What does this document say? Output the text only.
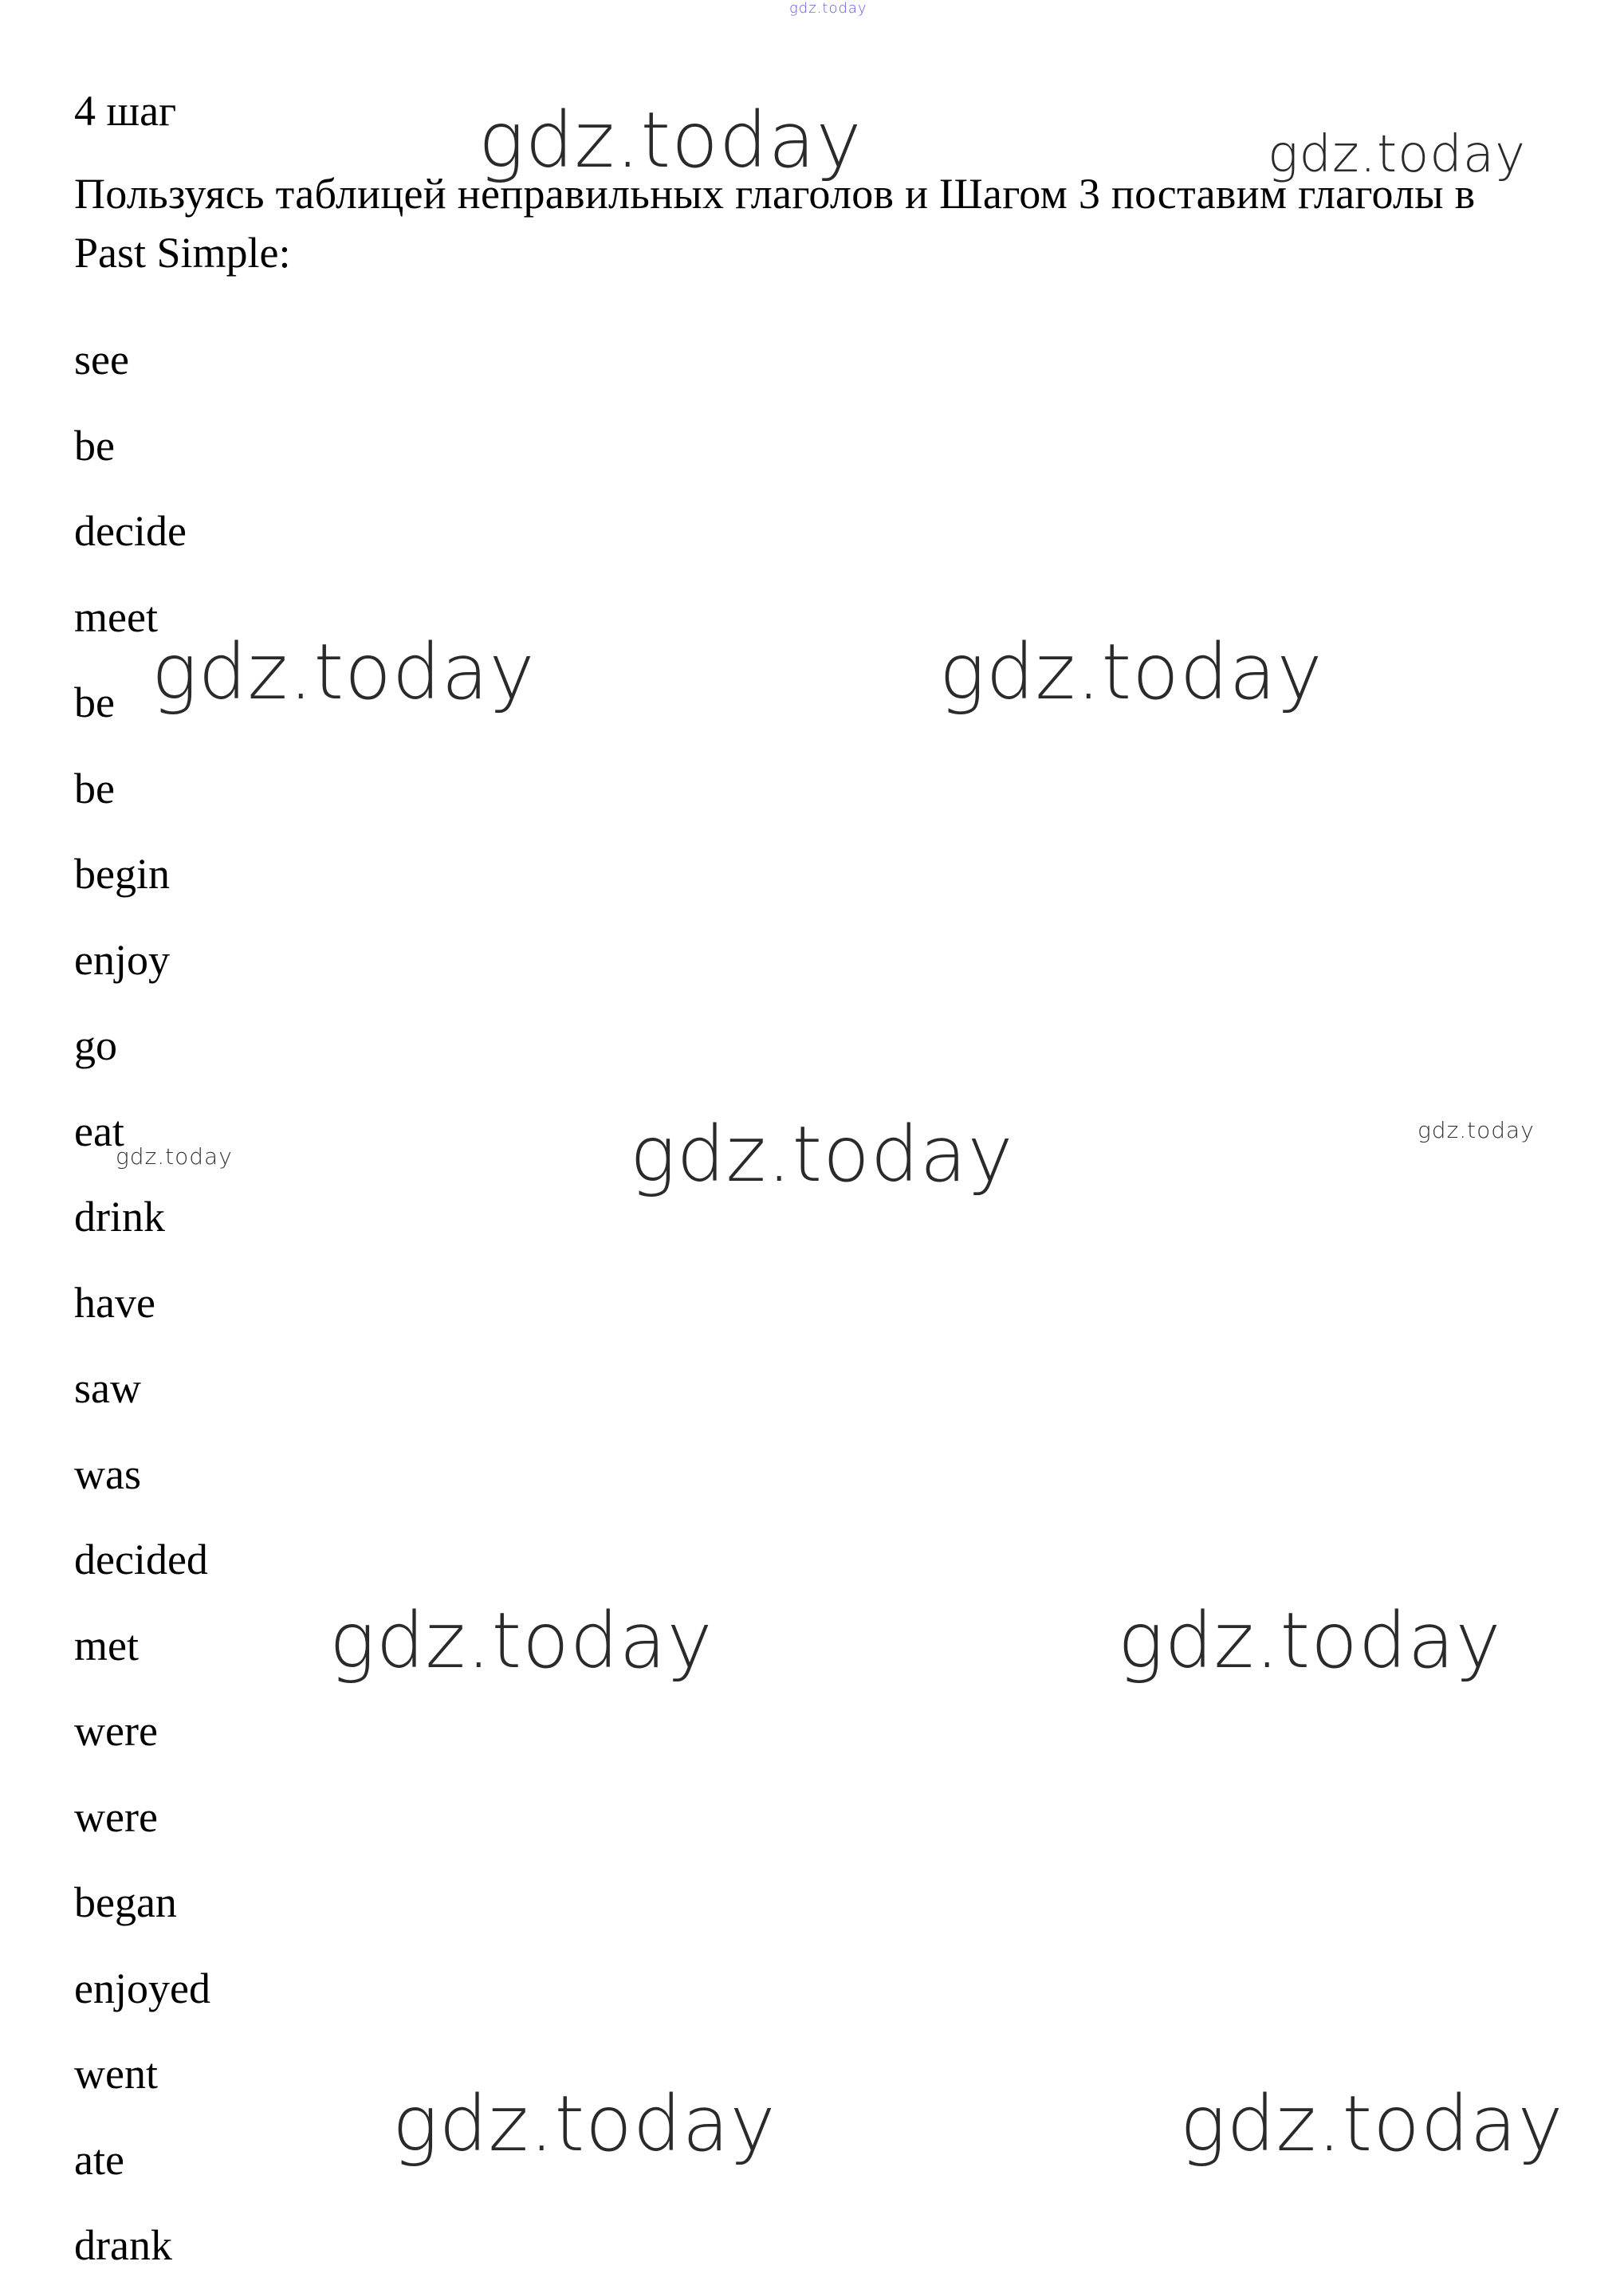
4 шаг
Пользуясь таблицей неправильных глаголов и Шагом 3 поставим глаголы в
Past Simple:
see
be
decide
meet
be
be
begin
enjoy
go
eat
drink
have
saw
was
decided
met
were
were
began
enjoyed
went
ate
drank
gdz.today
gdz.today	gdz.today
gdz.today	gdz.today
gdz.today
gdz.today
gdz.today
gdz.today	gdz.today
gdz.today	gdz.today
